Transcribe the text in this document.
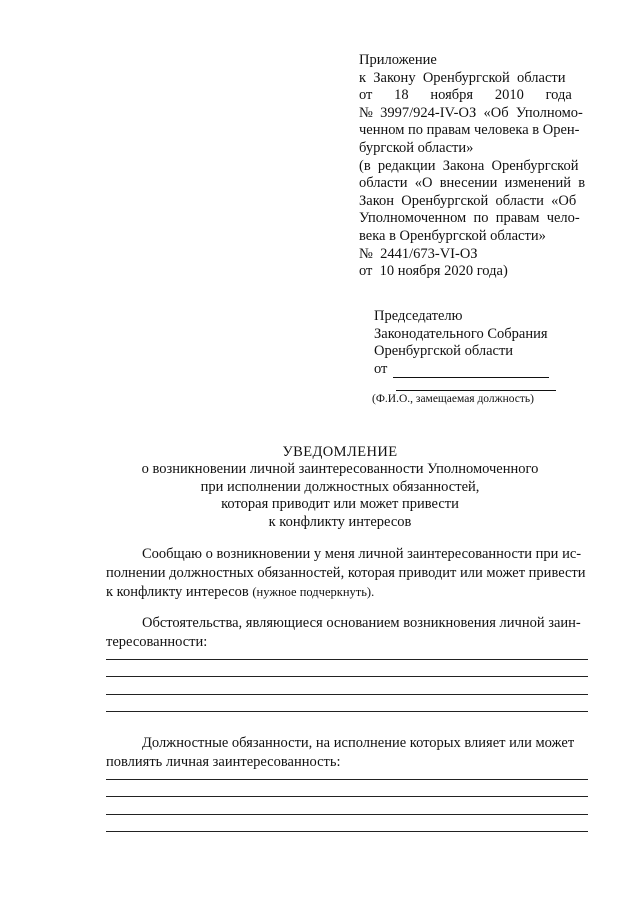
Приложение
к  Закону  Оренбургской  области
от      18      ноября      2010      года
№  3997/924-IV-ОЗ  «Об  Уполномо-
ченном по правам человека в Орен-
бургской области»
(в  редакции  Закона  Оренбургской
области  «О  внесении  изменений  в
Закон  Оренбургской  области  «Об
Уполномоченном  по  правам  чело-
века в Оренбургской области»
№  2441/673-VI-ОЗ
от  10 ноября 2020 года)
Председателю
Законодательного Собрания
Оренбургской области
от
(Ф.И.О., замещаемая должность)
УВЕДОМЛЕНИЕ
о возникновении личной заинтересованности Уполномоченного
при исполнении должностных обязанностей,
которая приводит или может привести
к конфликту интересов
Сообщаю о возникновении у меня личной заинтересованности при ис-
полнении должностных обязанностей, которая приводит или может привести
к конфликту интересов (нужное подчеркнуть).
Обстоятельства, являющиеся основанием возникновения личной заин-
тересованности:
Должностные обязанности, на исполнение которых влияет или может
повлиять личная заинтересованность:
